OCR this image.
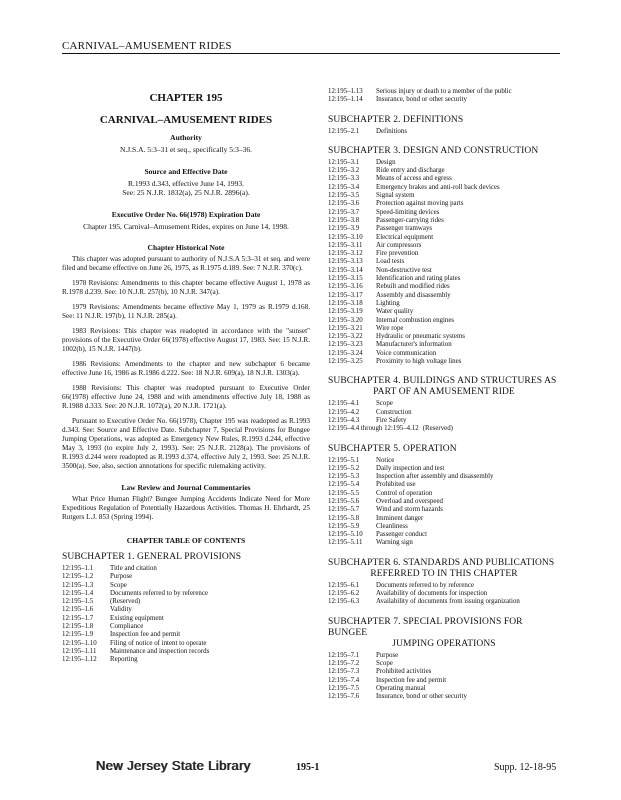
CARNIVAL–AMUSEMENT RIDES
CHAPTER 195
CARNIVAL–AMUSEMENT RIDES
Authority
N.J.S.A. 5:3–31 et seq., specifically 5:3–36.
Source and Effective Date
R.1993 d.343, effective June 14, 1993.
See: 25 N.J.R. 1832(a), 25 N.J.R. 2896(a).
Executive Order No. 66(1978) Expiration Date
Chapter 195, Carnival–Amusement Rides, expires on June 14, 1998.
Chapter Historical Note

This chapter was adopted pursuant to authority of N.J.S.A 5:3–31 et seq. and were filed and became effective on June 26, 1975, as R.1975 d.189. See: 7 N.J.R. 370(c).

1978 Revisions: Amendments to this chapter became effective August 1, 1978 as R.1978 d.239. See: 10 N.J.R. 257(b), 10 N.J.R. 347(a).

1979 Revisions: Amendments became effective May 1, 1979 as R.1979 d.168. See: 11 N.J.R. 197(b), 11 N.J.R. 285(a).

1983 Revisions: This chapter was readopted in accordance with the "sunset" provisions of the Executive Order 66(1978) effective August 17, 1983. See: 15 N.J.R. 1002(b), 15 N.J.R. 1447(b).

1986 Revisions: Amendments to the chapter and new subchapter 6 became effective June 16, 1986 as R.1986 d.222. See: 18 N.J.R. 609(a), 18 N.J.R. 1303(a).

1988 Revisions: This chapter was readopted pursuant to Executive Order 66(1978) effective June 24, 1988 and with amendments effective July 18, 1988 as R.1988 d.333. See: 20 N.J.R. 1072(a), 20 N.J.R. 1721(a).

Pursuant to Executive Order No. 66(1978), Chapter 195 was readopted as R.1993 d.343. See: Source and Effective Date. Subchapter 7, Special Provisions for Bungee Jumping Operations, was adopted as Emergency New Rules, R.1993 d.244, effective May 3, 1993 (to expire July 2, 1993). See: 25 N.J.R. 2128(a). The provisions of R.1993 d.244 were readopted as R.1993 d.374, effective July 2, 1993. See: 25 N.J.R. 3500(a). See, also, section annotations for specific rulemaking activity.

Law Review and Journal Commentaries

What Price Human Flight? Bungee Jumping Accidents Indicate Need for More Expeditious Regulation of Potentially Hazardous Activities. Thomas H. Ehrhardt, 25 Rutgers L.J. 853 (Spring 1994).

CHAPTER TABLE OF CONTENTS
SUBCHAPTER 1. GENERAL PROVISIONS
12:195–1.1	Title and citation
12:195–1.2	Purpose
12:195–1.3	Scope
12:195–1.4	Documents referred to by reference
12:195–1.5	(Reserved)
12:195–1.6	Validity
12:195–1.7	Existing equipment
12:195–1.8	Compliance
12:195–1.9	Inspection fee and permit
12:195–1.10	Filing of notice of intent to operate
12:195–1.11	Maintenance and inspection records
12:195–1.12	Reporting
12:195–1.13	Serious injury or death to a member of the public
12:195–1.14	Insurance, bond or other security
SUBCHAPTER 2. DEFINITIONS
12:195–2.1	Definitions
SUBCHAPTER 3. DESIGN AND CONSTRUCTION
12:195–3.1	Design
12:195–3.2	Ride entry and discharge
12:195–3.3	Means of access and egress
12:195–3.4	Emergency brakes and anti-roll back devices
12:195–3.5	Signal system
12:195–3.6	Protection against moving parts
12:195–3.7	Speed-limiting devices
12:195–3.8	Passenger-carrying rides
12:195–3.9	Passenger tramways
12:195–3.10	Electrical equipment
12:195–3.11	Air compressors
12:195–3.12	Fire prevention
12:195–3.13	Load tests
12:195–3.14	Non-destructive test
12:195–3.15	Identification and rating plates
12:195–3.16	Rebuilt and modified rides
12:195–3.17	Assembly and disassembly
12:195–3.18	Lighting
12:195–3.19	Water quality
12:195–3.20	Internal combustion engines
12:195–3.21	Wire rope
12:195–3.22	Hydraulic or pneumatic systems
12:195–3.23	Manufacturer's information
12:195–3.24	Voice communication
12:195–3.25	Proximity to high voltage lines
SUBCHAPTER 4. BUILDINGS AND STRUCTURES AS
PART OF AN AMUSEMENT RIDE
12:195–4.1	Scope
12:195–4.2	Construction
12:195–4.3	Fire Safety
12:195–4.4 through 12:195–4.12 (Reserved)
SUBCHAPTER 5. OPERATION
12:195–5.1	Notice
12:195–5.2	Daily inspection and test
12:195–5.3	Inspection after assembly and disassembly
12:195–5.4	Prohibited use
12:195–5.5	Control of operation
12:195–5.6	Overload and overspeed
12:195–5.7	Wind and storm hazards
12:195–5.8	Imminent danger
12:195–5.9	Cleanliness
12:195–5.10	Passenger conduct
12:195–5.11	Warning sign
SUBCHAPTER 6. STANDARDS AND PUBLICATIONS
REFERRED TO IN THIS CHAPTER
12:195–6.1	Documents referred to by reference
12:195–6.2	Availability of documents for inspection
12:195–6.3	Availability of documents from issuing organization
SUBCHAPTER 7. SPECIAL PROVISIONS FOR BUNGEE
JUMPING OPERATIONS
12:195–7.1	Purpose
12:195–7.2	Scope
12:195–7.3	Prohibited activities
12:195–7.4	Inspection fee and permit
12:195–7.5	Operating manual
12:195–7.6	Insurance, bond or other security
New Jersey State Library	195-1	Supp. 12-18-95
